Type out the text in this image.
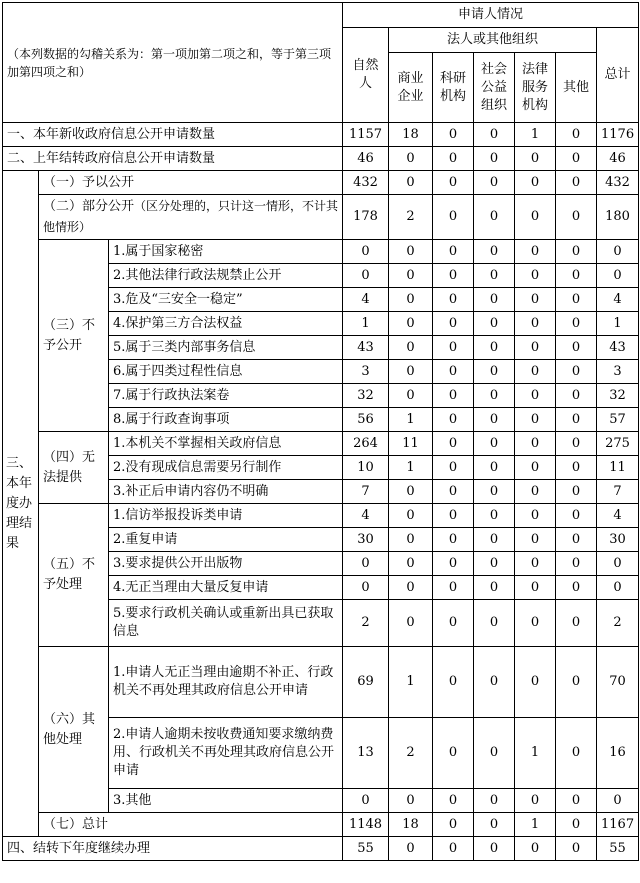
（本列数据的勾稽关系为：第一项加第二项之和，等于第三项加第四项之和）			申请人情况						
			自然人	法人或其他组织					总计
				商业企业	科研机构	社会公益组织	法律服务机构	其他	
一、本年新收政府信息公开申请数量			1157	18	0	0	1	0	1176
二、上年结转政府信息公开申请数量			46	0	0	0	0	0	46
三、本年度办理结果	（一）予以公开		432	0	0	0	0	0	432
	（二）部分公开（区分处理的，只计这一情形，不计其他情形）		178	2	0	0	0	0	180
	（三）不予公开	1.属于国家秘密	0	0	0	0	0	0	0
		2.其他法律行政法规禁止公开	0	0	0	0	0	0	0
		3.危及“三安全一稳定”	4	0	0	0	0	0	4
		4.保护第三方合法权益	1	0	0	0	0	0	1
		5.属于三类内部事务信息	43	0	0	0	0	0	43
		6.属于四类过程性信息	3	0	0	0	0	0	3
		7.属于行政执法案卷	32	0	0	0	0	0	32
		8.属于行政查询事项	56	1	0	0	0	0	57
	（四）无法提供	1.本机关不掌握相关政府信息	264	11	0	0	0	0	275
		2.没有现成信息需要另行制作	10	1	0	0	0	0	11
		3.补正后申请内容仍不明确	7	0	0	0	0	0	7
	（五）不予处理	1.信访举报投诉类申请	4	0	0	0	0	0	4
		2.重复申请	30	0	0	0	0	0	30
		3.要求提供公开出版物	0	0	0	0	0	0	0
		4.无正当理由大量反复申请	0	0	0	0	0	0	0
		5.要求行政机关确认或重新出具已获取信息	2	0	0	0	0	0	2
	（六）其他处理	1.申请人无正当理由逾期不补正、行政机关不再处理其政府信息公开申请	69	1	0	0	0	0	70
		2.申请人逾期未按收费通知要求缴纳费用、行政机关不再处理其政府信息公开申请	13	2	0	0	1	0	16
		3.其他	0	0	0	0	0	0	0
	（七）总计		1148	18	0	0	1	0	1167
四、结转下年度继续办理			55	0	0	0	0	0	55
